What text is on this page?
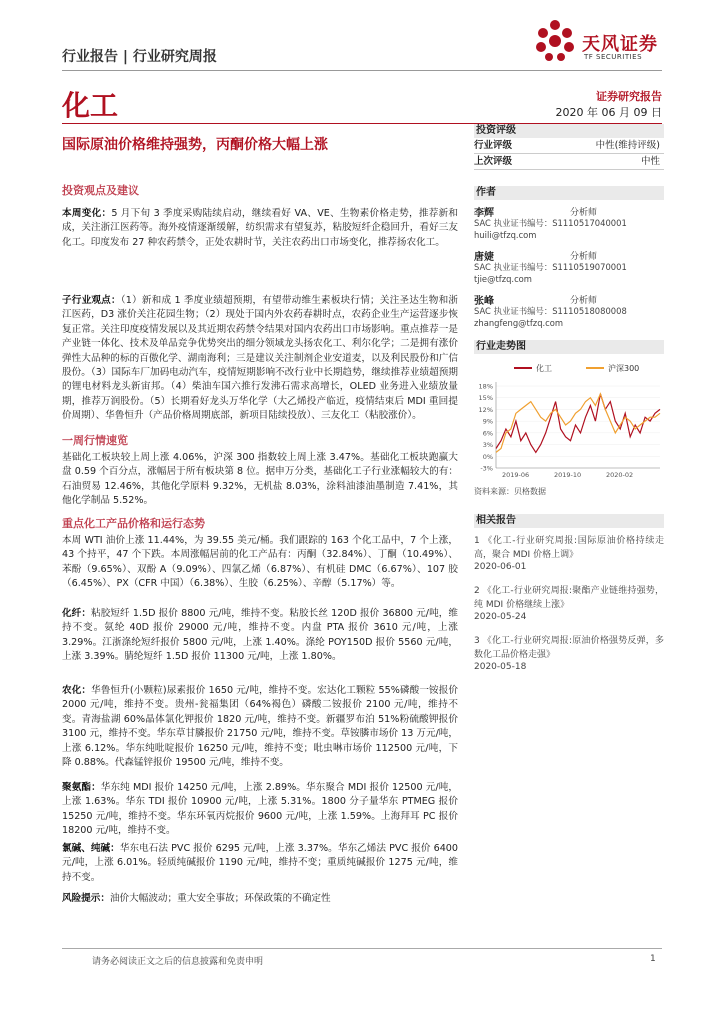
行业报告 | 行业研究周报
天风证券
TF SECURITIES
化工	证券研究报告
2020 年 06 月 09 日
国际原油价格维持强势，丙酮价格大幅上涨
投资观点及建议
本周变化：5 月下旬 3 季度采购陆续启动，继续看好 VA、VE、生物素价格走势，推荐新和成，关注浙江医药等。海外疫情逐渐缓解，纺织需求有望复苏，粘胶短纤企稳回升，看好三友化工。印度发布 27 种农药禁令，正处农耕时节，关注农药出口市场变化，推荐扬农化工。
子行业观点：（1）新和成 1 季度业绩超预期，有望带动维生素板块行情；关注圣达生物和浙江医药，D3 涨价关注花园生物；（2）现处于国内外农药春耕时点，农药企业生产运营逐步恢复正常。关注印度疫情发展以及其近期农药禁令结果对国内农药出口市场影响。重点推荐一是产业链一体化、技术及单品竞争优势突出的细分领域龙头扬农化工、利尔化学；二是拥有涨价弹性大品种的标的百傲化学、湖南海利；三是建议关注制剂企业安道麦，以及利民股份和广信股份。（3）国际车厂加码电动汽车，疫情短期影响不改行业中长期趋势，继续推荐业绩超预期的锂电材料龙头新宙邦。（4）柴油车国六推行发沸石需求高增长，OLED 业务进入业绩放量期，推荐万润股份。（5）长期看好龙头万华化学（大乙烯投产临近，疫情结束后 MDI 重回提价周期）、华鲁恒升（产品价格周期底部，新项目陆续投放）、三友化工（粘胶涨价）。
一周行情速览
基础化工板块较上周上涨 4.06%，沪深 300 指数较上周上涨 3.47%。基础化工板块跑赢大盘 0.59 个百分点，涨幅居于所有板块第 8 位。据申万分类，基础化工子行业涨幅较大的有：石油贸易 12.46%，其他化学原料 9.32%，无机盐 8.03%，涂料油漆油墨制造 7.41%，其他化学制品 5.52%。
重点化工产品价格和运行态势
本周 WTI 油价上涨 11.44%，为 39.55 美元/桶。我们跟踪的 163 个化工品中，7 个上涨，43 个持平，47 个下跌。本周涨幅居前的化工产品有：丙酮（32.84%）、丁酮（10.49%）、苯酚（9.65%）、双酚 A（9.09%）、四氯乙烯（6.87%）、有机硅 DMC（6.67%）、107 胶（6.45%）、PX（CFR 中国）（6.38%）、生胶（6.25%）、辛醇（5.17%）等。
化纤：粘胶短纤 1.5D 报价 8800 元/吨，维持不变。粘胶长丝 120D 报价 36800 元/吨，维持不变。氨纶 40D 报价 29000 元/吨，维持不变。内盘 PTA 报价 3610 元/吨，上涨 3.29%。江浙涤纶短纤报价 5800 元/吨，上涨 1.40%。涤纶 POY150D 报价 5560 元/吨，上涨 3.39%。腈纶短纤 1.5D 报价 11300 元/吨，上涨 1.80%。
农化：华鲁恒升(小颗粒)尿素报价 1650 元/吨，维持不变。宏达化工颗粒 55%磷酸一铵报价 2000 元/吨，维持不变。贵州-瓮福集团（64%褐色）磷酸二铵报价 2100 元/吨，维持不变。青海盐湖 60%晶体氯化钾报价 1820 元/吨，维持不变。新疆罗布泊 51%粉硫酸钾报价 3100 元，维持不变。华东草甘膦报价 21750 元/吨，维持不变。草铵膦市场价 13 万元/吨，上涨 6.12%。华东纯吡啶报价 16250 元/吨，维持不变；吡虫啉市场价 112500 元/吨，下降 0.88%。代森锰锌报价 19500 元/吨，维持不变。
聚氨酯：华东纯 MDI 报价 14250 元/吨，上涨 2.89%。华东聚合 MDI 报价 12500 元/吨，上涨 1.63%。华东 TDI 报价 10900 元/吨，上涨 5.31%。1800 分子量华东 PTMEG 报价 15250 元/吨，维持不变。华东环氧丙烷报价 9600 元/吨，上涨 1.59%。上海拜耳 PC 报价 18200 元/吨，维持不变。
氯碱、纯碱：华东电石法 PVC 报价 6295 元/吨，上涨 3.37%。华东乙烯法 PVC 报价 6400 元/吨，上涨 6.01%。轻质纯碱报价 1190 元/吨，维持不变；重质纯碱报价 1275 元/吨，维持不变。
风险提示：油价大幅波动；重大安全事故；环保政策的不确定性
投资评级
行业评级	中性(维持评级)
上次评级	中性
作者
李辉	分析师
SAC 执业证书编号：S1110517040001
huili@tfzq.com
唐婕	分析师
SAC 执业证书编号：S1110519070001
tjie@tfzq.com
张峰	分析师
SAC 执业证书编号：S1110518080008
zhangfeng@tfzq.com
行业走势图
化工	沪深300
18%
15%
12%
9%
6%
3%
0%
-3%
2019-06	2019-10	2020-02
资料来源：贝格数据
相关报告
1 《化工-行业研究周报:国际原油价格持续走高，聚合 MDI 价格上调》
2020-06-01
2 《化工-行业研究周报:聚酯产业链维持强势，纯 MDI 价格继续上涨》
2020-05-24
3 《化工-行业研究周报:原油价格强势反弹，多数化工品价格走强》
2020-05-18
请务必阅读正文之后的信息披露和免责申明	1
